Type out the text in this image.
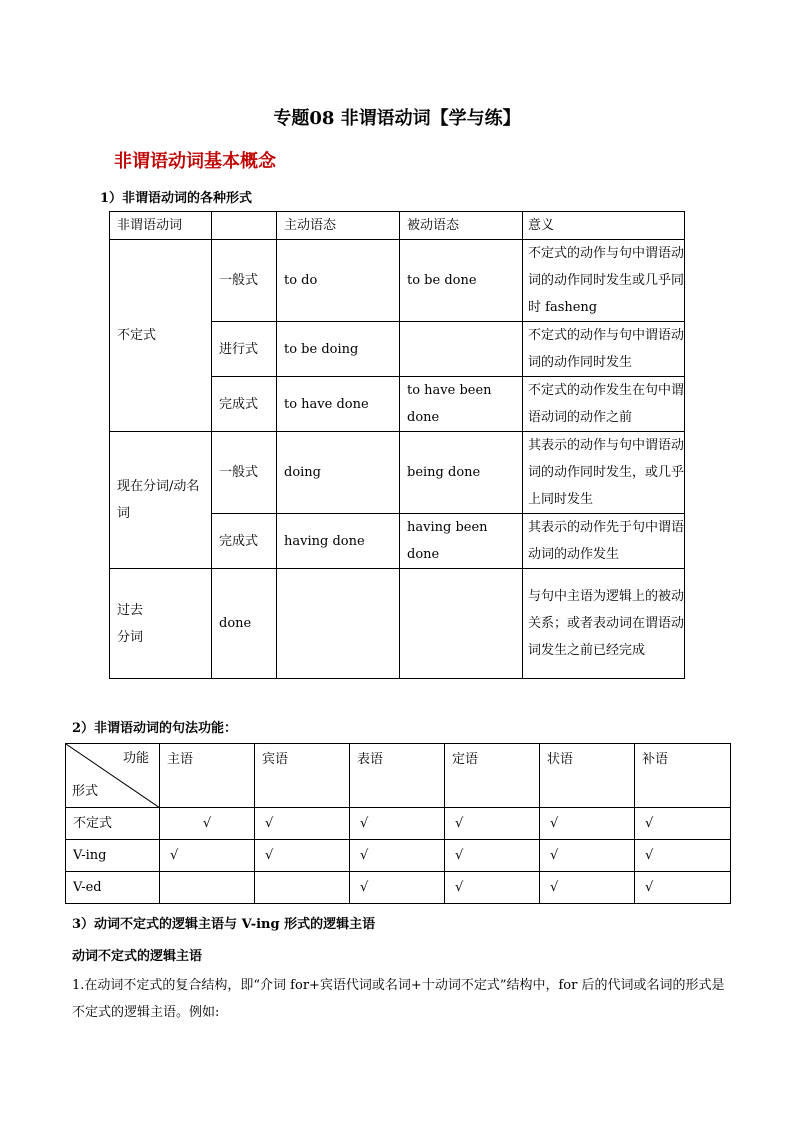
专题08 非谓语动词【学与练】
非谓语动词基本概念
1）非谓语动词的各种形式
非谓语动词		主动语态	被动语态	意义
不定式	一般式	to do	to be done	不定式的动作与句中谓语动词的动作同时发生或几乎同时 fasheng
	进行式	to be doing		不定式的动作与句中谓语动词的动作同时发生
	完成式	to have done	to have been done	不定式的动作发生在句中谓语动词的动作之前
现在分词/动名词	一般式	doing	being done	其表示的动作与句中谓语动词的动作同时发生，或几乎上同时发生
	完成式	having done	having been done	其表示的动作先于句中谓语动词的动作发生
过去
分词	done			与句中主语为逻辑上的被动关系；或者表动词在谓语动词发生之前已经完成
2）非谓语动词的句法功能：
功能
形式	主语	宾语	表语	定语	状语	补语
不定式	√	√	√	√	√	√
V-ing	√	√	√	√	√	√
V-ed			√	√	√	√
3）动词不定式的逻辑主语与 V-ing 形式的逻辑主语
动词不定式的逻辑主语
1.在动词不定式的复合结构，即“介词 for+宾语代词或名词+十动词不定式”结构中，for 后的代词或名词的形式是不定式的逻辑主语。例如:
